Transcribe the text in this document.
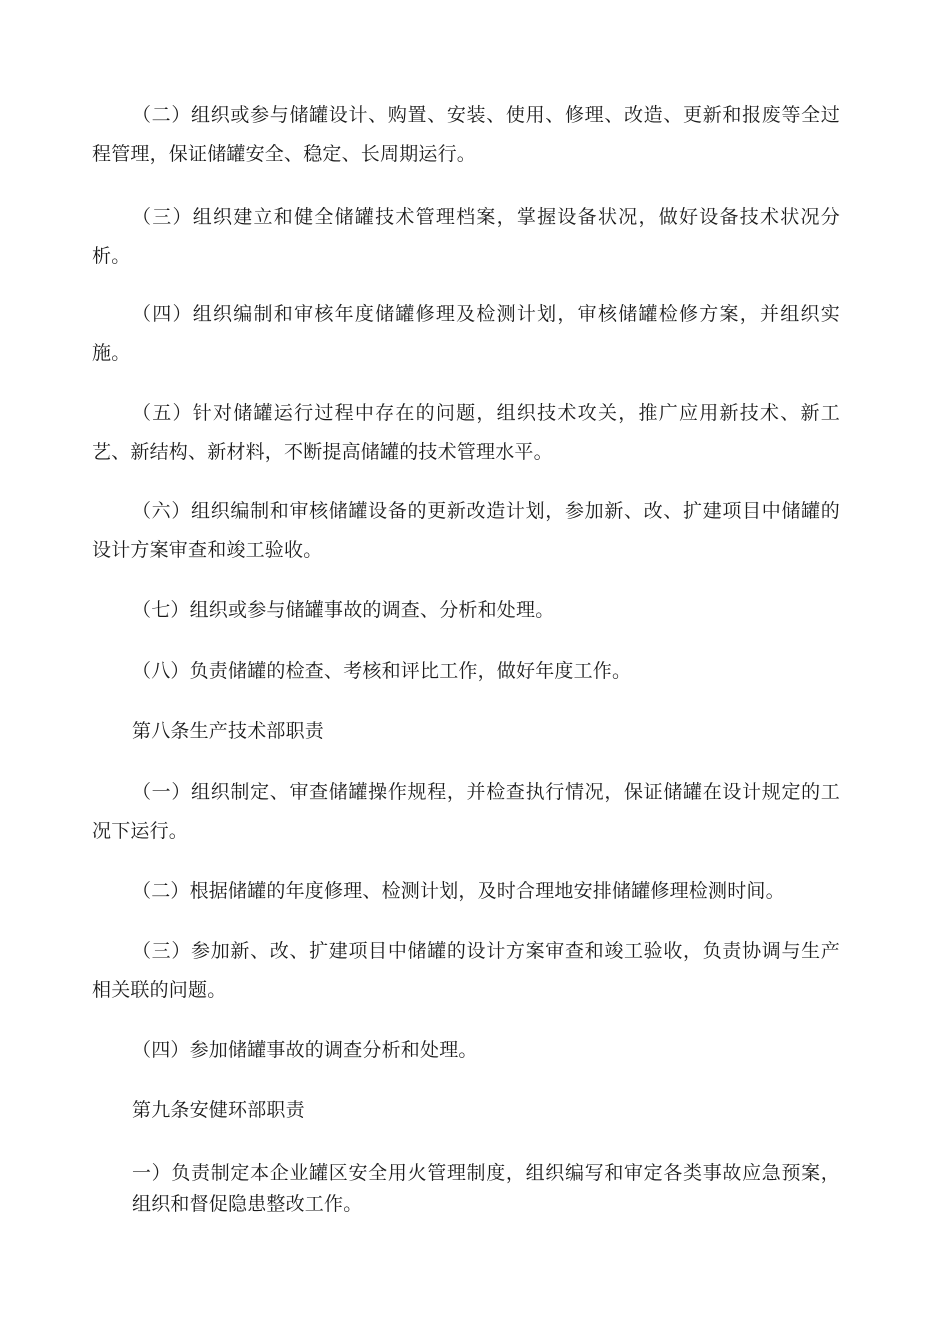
（二）组织或参与储罐设计、购置、安装、使用、修理、改造、更新和报废等全过程管理，保证储罐安全、稳定、长周期运行。

（三）组织建立和健全储罐技术管理档案，掌握设备状况，做好设备技术状况分析。

（四）组织编制和审核年度储罐修理及检测计划，审核储罐检修方案，并组织实施。

（五）针对储罐运行过程中存在的问题，组织技术攻关，推广应用新技术、新工艺、新结构、新材料，不断提高储罐的技术管理水平。

（六）组织编制和审核储罐设备的更新改造计划，参加新、改、扩建项目中储罐的设计方案审查和竣工验收。

（七）组织或参与储罐事故的调查、分析和处理。

（八）负责储罐的检查、考核和评比工作，做好年度工作。

第八条生产技术部职责

（一）组织制定、审查储罐操作规程，并检查执行情况，保证储罐在设计规定的工况下运行。

（二）根据储罐的年度修理、检测计划，及时合理地安排储罐修理检测时间。

（三）参加新、改、扩建项目中储罐的设计方案审查和竣工验收，负责协调与生产相关联的问题。

（四）参加储罐事故的调查分析和处理。

第九条安健环部职责

一）负责制定本企业罐区安全用火管理制度，组织编写和审定各类事故应急预案，组织和督促隐患整改工作。
